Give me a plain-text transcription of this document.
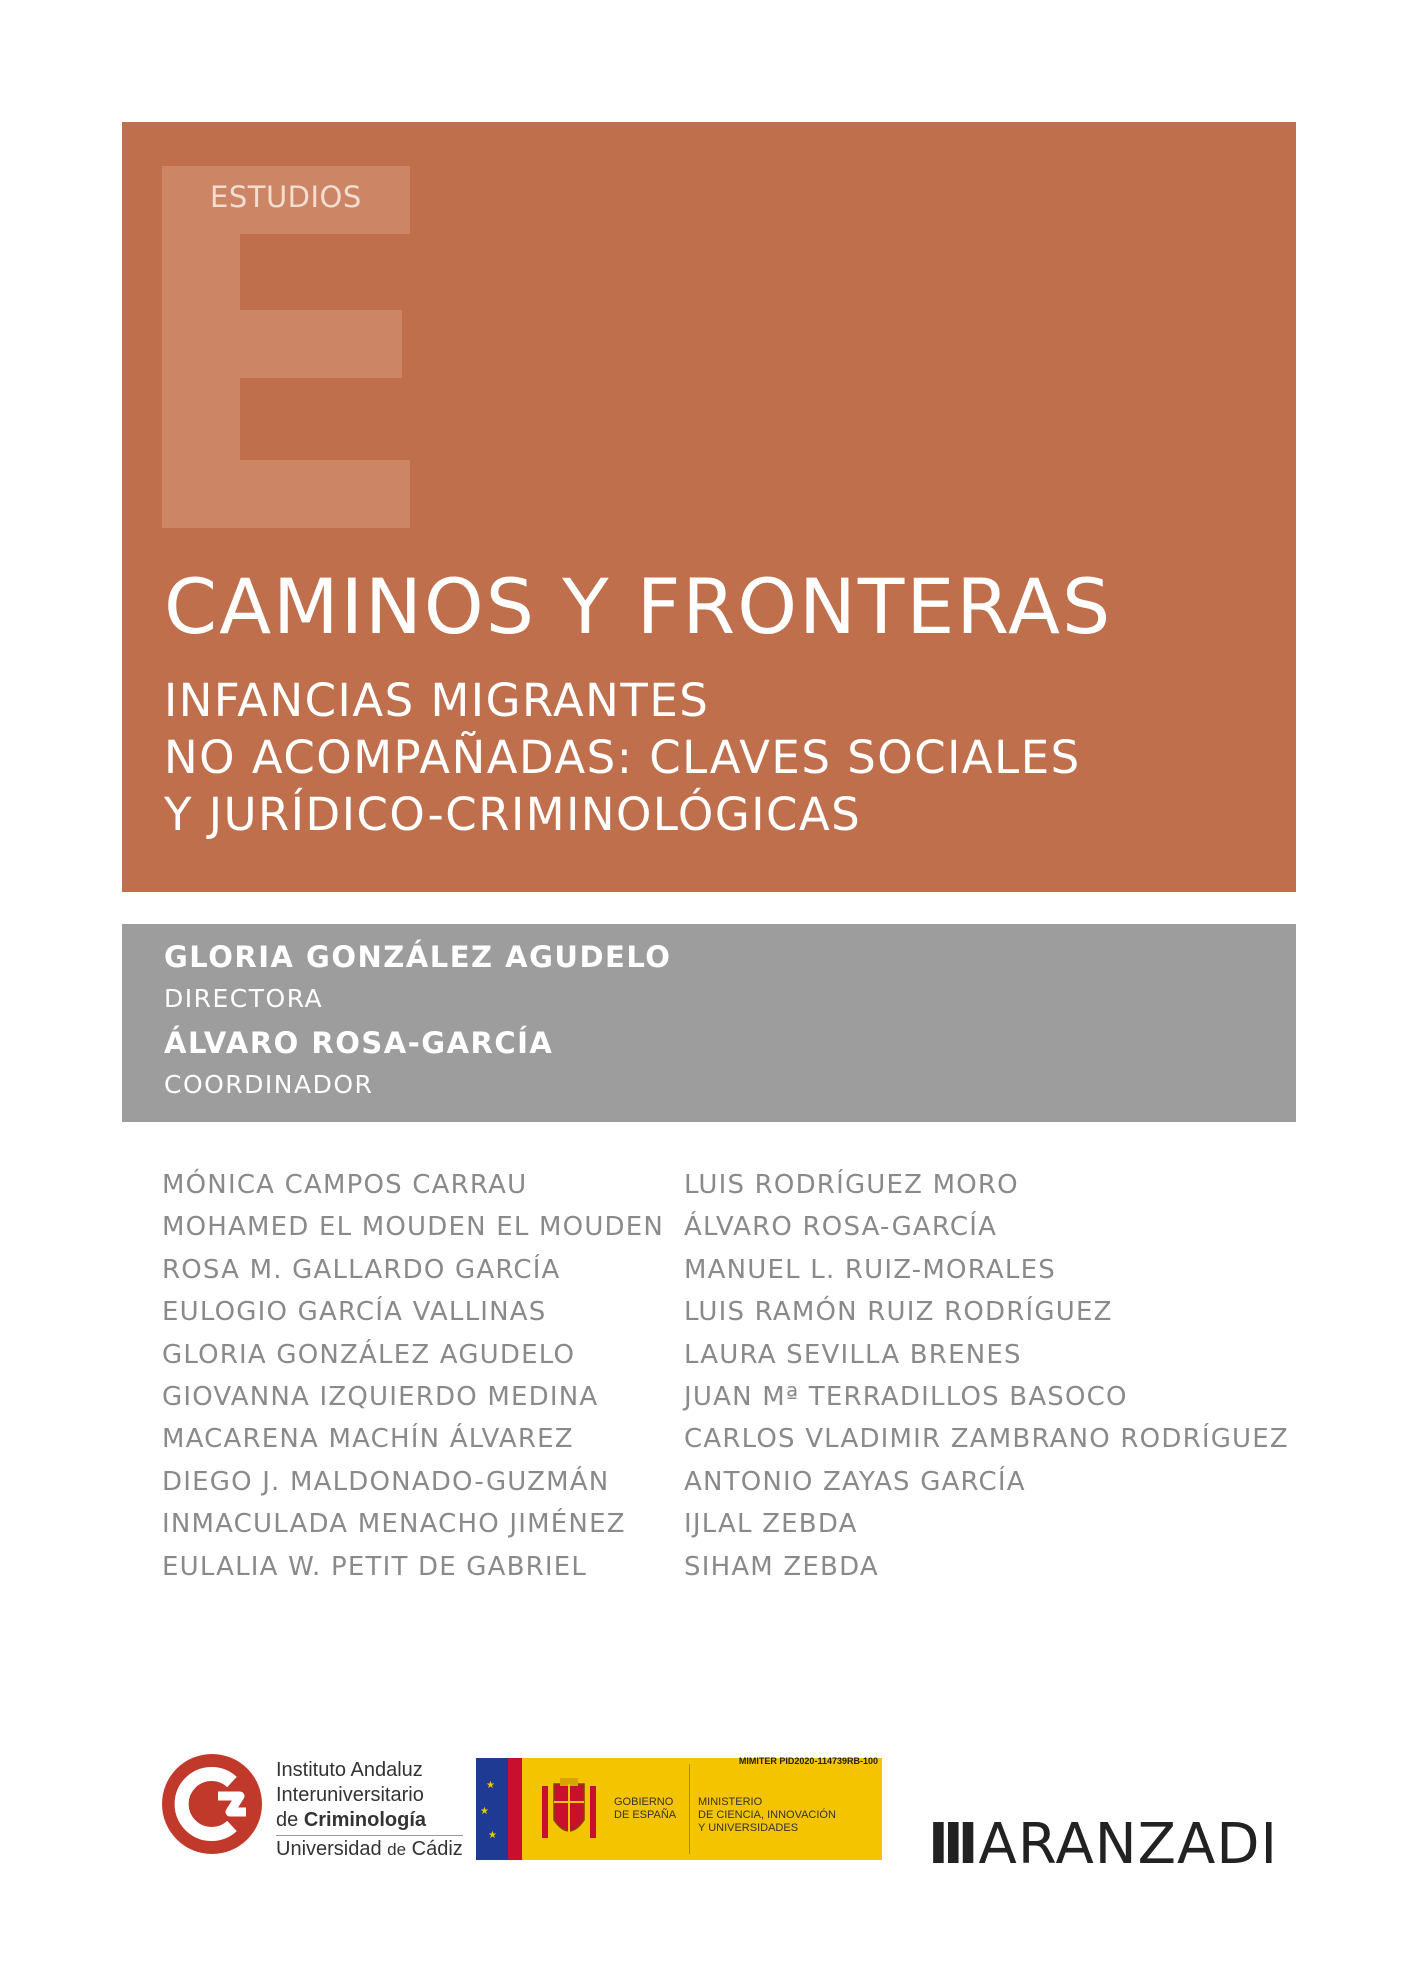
ESTUDIOS
CAMINOS Y FRONTERAS
INFANCIAS MIGRANTES
NO ACOMPAÑADAS: CLAVES SOCIALES
Y JURÍDICO-CRIMINOLÓGICAS
GLORIA GONZÁLEZ AGUDELO
DIRECTORA
ÁLVARO ROSA-GARCÍA
COORDINADOR
MÓNICA CAMPOS CARRAU
MOHAMED EL MOUDEN EL MOUDEN
ROSA M. GALLARDO GARCÍA
EULOGIO GARCÍA VALLINAS
GLORIA GONZÁLEZ AGUDELO
GIOVANNA IZQUIERDO MEDINA
MACARENA MACHÍN ÁLVAREZ
DIEGO J. MALDONADO-GUZMÁN
INMACULADA MENACHO JIMÉNEZ
EULALIA W. PETIT DE GABRIEL
LUIS RODRÍGUEZ MORO
ÁLVARO ROSA-GARCÍA
MANUEL L. RUIZ-MORALES
LUIS RAMÓN RUIZ RODRÍGUEZ
LAURA SEVILLA BRENES
JUAN Mª TERRADILLOS BASOCO
CARLOS VLADIMIR ZAMBRANO RODRÍGUEZ
ANTONIO ZAYAS GARCÍA
IJLAL ZEBDA
SIHAM ZEBDA
Instituto Andaluz
Interuniversitario
de Criminología
Universidad de Cádiz
★
★
★
MIMITER PID2020-114739RB-100
GOBIERNO
DE ESPAÑA
MINISTERIO
DE CIENCIA, INNOVACIÓN
Y UNIVERSIDADES	III ARANZADI
